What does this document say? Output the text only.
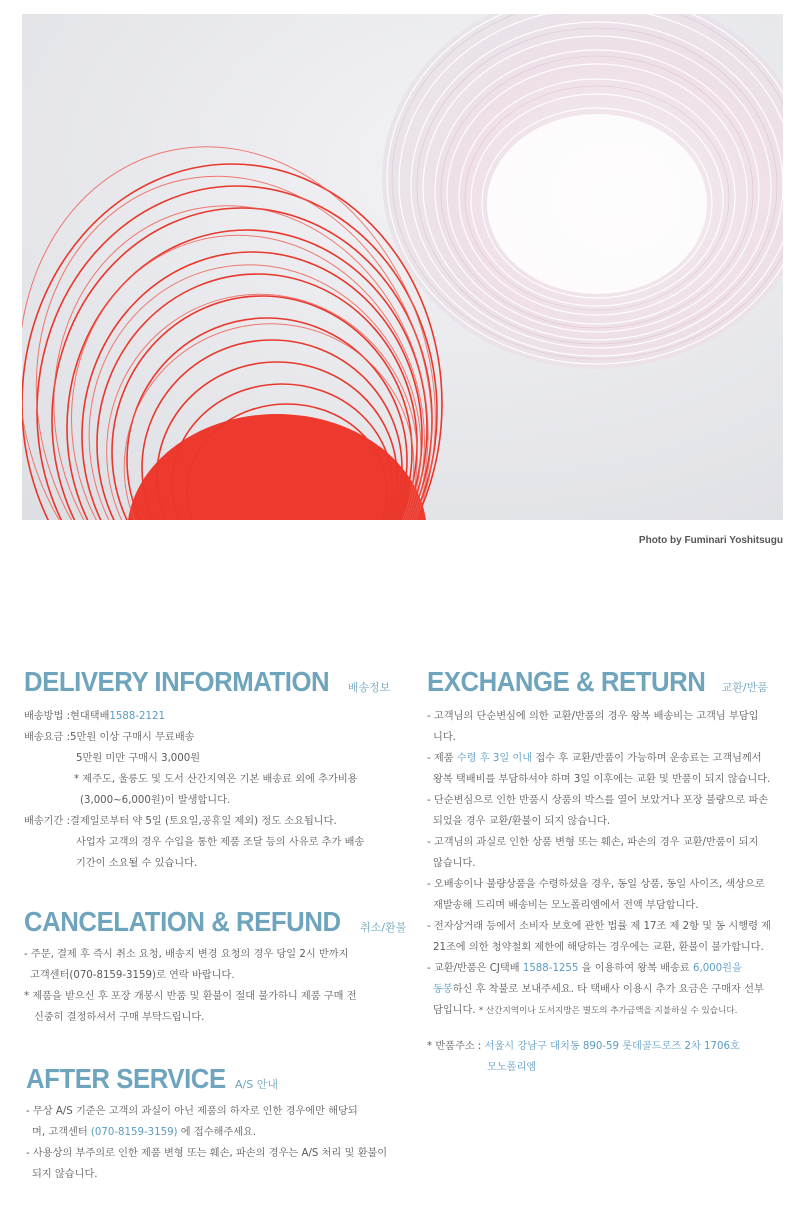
Photo by Fuminari Yoshitsugu
DELIVERY INFORMATION 배송정보
배송방법 : 현대택배 1588-2121
배송요금 : 5만원 이상 구매시 무료배송
5만원 미만 구매시 3,000원
* 제주도, 울릉도 및 도서 산간지역은 기본 배송료 외에 추가비용
(3,000~6,000원)이 발생합니다.
배송기간 : 결제일로부터 약 5일 (토요일,공휴일 제외) 정도 소요됩니다.
사업자 고객의 경우 수입을 통한 제품 조달 등의 사유로 추가 배송
기간이 소요될 수 있습니다.
CANCELATION & REFUND 취소/환불
- 주문, 결제 후 즉시 취소 요청, 배송지 변경 요청의 경우 당일 2시 반까지
고객센터(070-8159-3159)로 연락 바랍니다.
* 제품을 받으신 후 포장 개봉시 반품 및 환불이 절대 불가하니 제품 구매 전
신중히 결정하셔서 구매 부탁드립니다.
AFTER SERVICE A/S 안내
- 무상 A/S 기준은 고객의 과실이 아닌 제품의 하자로 인한 경우에만 해당되
며, 고객센터 (070-8159-3159) 에 접수해주세요.
- 사용상의 부주의로 인한 제품 변형 또는 훼손, 파손의 경우는 A/S 처리 및 환불이
되지 않습니다.
EXCHANGE & RETURN 교환/반품
- 고객님의 단순변심에 의한 교환/반품의 경우 왕복 배송비는 고객님 부담입
니다.
- 제품 수령 후 3일 이내 접수 후 교환/반품이 가능하며 운송료는 고객님께서
왕복 택배비를 부담하셔야 하며 3일 이후에는 교환 및 반품이 되지 않습니다.
- 단순변심으로 인한 반품시 상품의 박스를 열어 보았거나 포장 불량으로 파손
되었을 경우 교환/환불이 되지 않습니다.
- 고객님의 과실로 인한 상품 변형 또는 훼손, 파손의 경우 교환/반품이 되지
않습니다.
- 오배송이나 불량상품을 수령하셨을 경우, 동일 상품, 동일 사이즈, 색상으로
재발송해 드리며 배송비는 모노폴리엠에서 전액 부담합니다.
- 전자상거래 등에서 소비자 보호에 관한 법률 제 17조 제 2항 및 동 시행령 제
21조에 의한 청약철회 제한에 해당하는 경우에는 교환, 환불이 불가합니다.
- 교환/반품은 CJ택배 1588-1255 을 이용하여 왕복 배송료 6,000원을
동봉하신 후 착불로 보내주세요. 타 택배사 이용시 추가 요금은 구매자 선부
담입니다. * 산간지역이나 도서지방은 별도의 추가금액을 지불하실 수 있습니다.
* 반품주소 : 서울시 강남구 대치동 890-59 롯데골드로즈 2차 1706호
모노폴리엠
